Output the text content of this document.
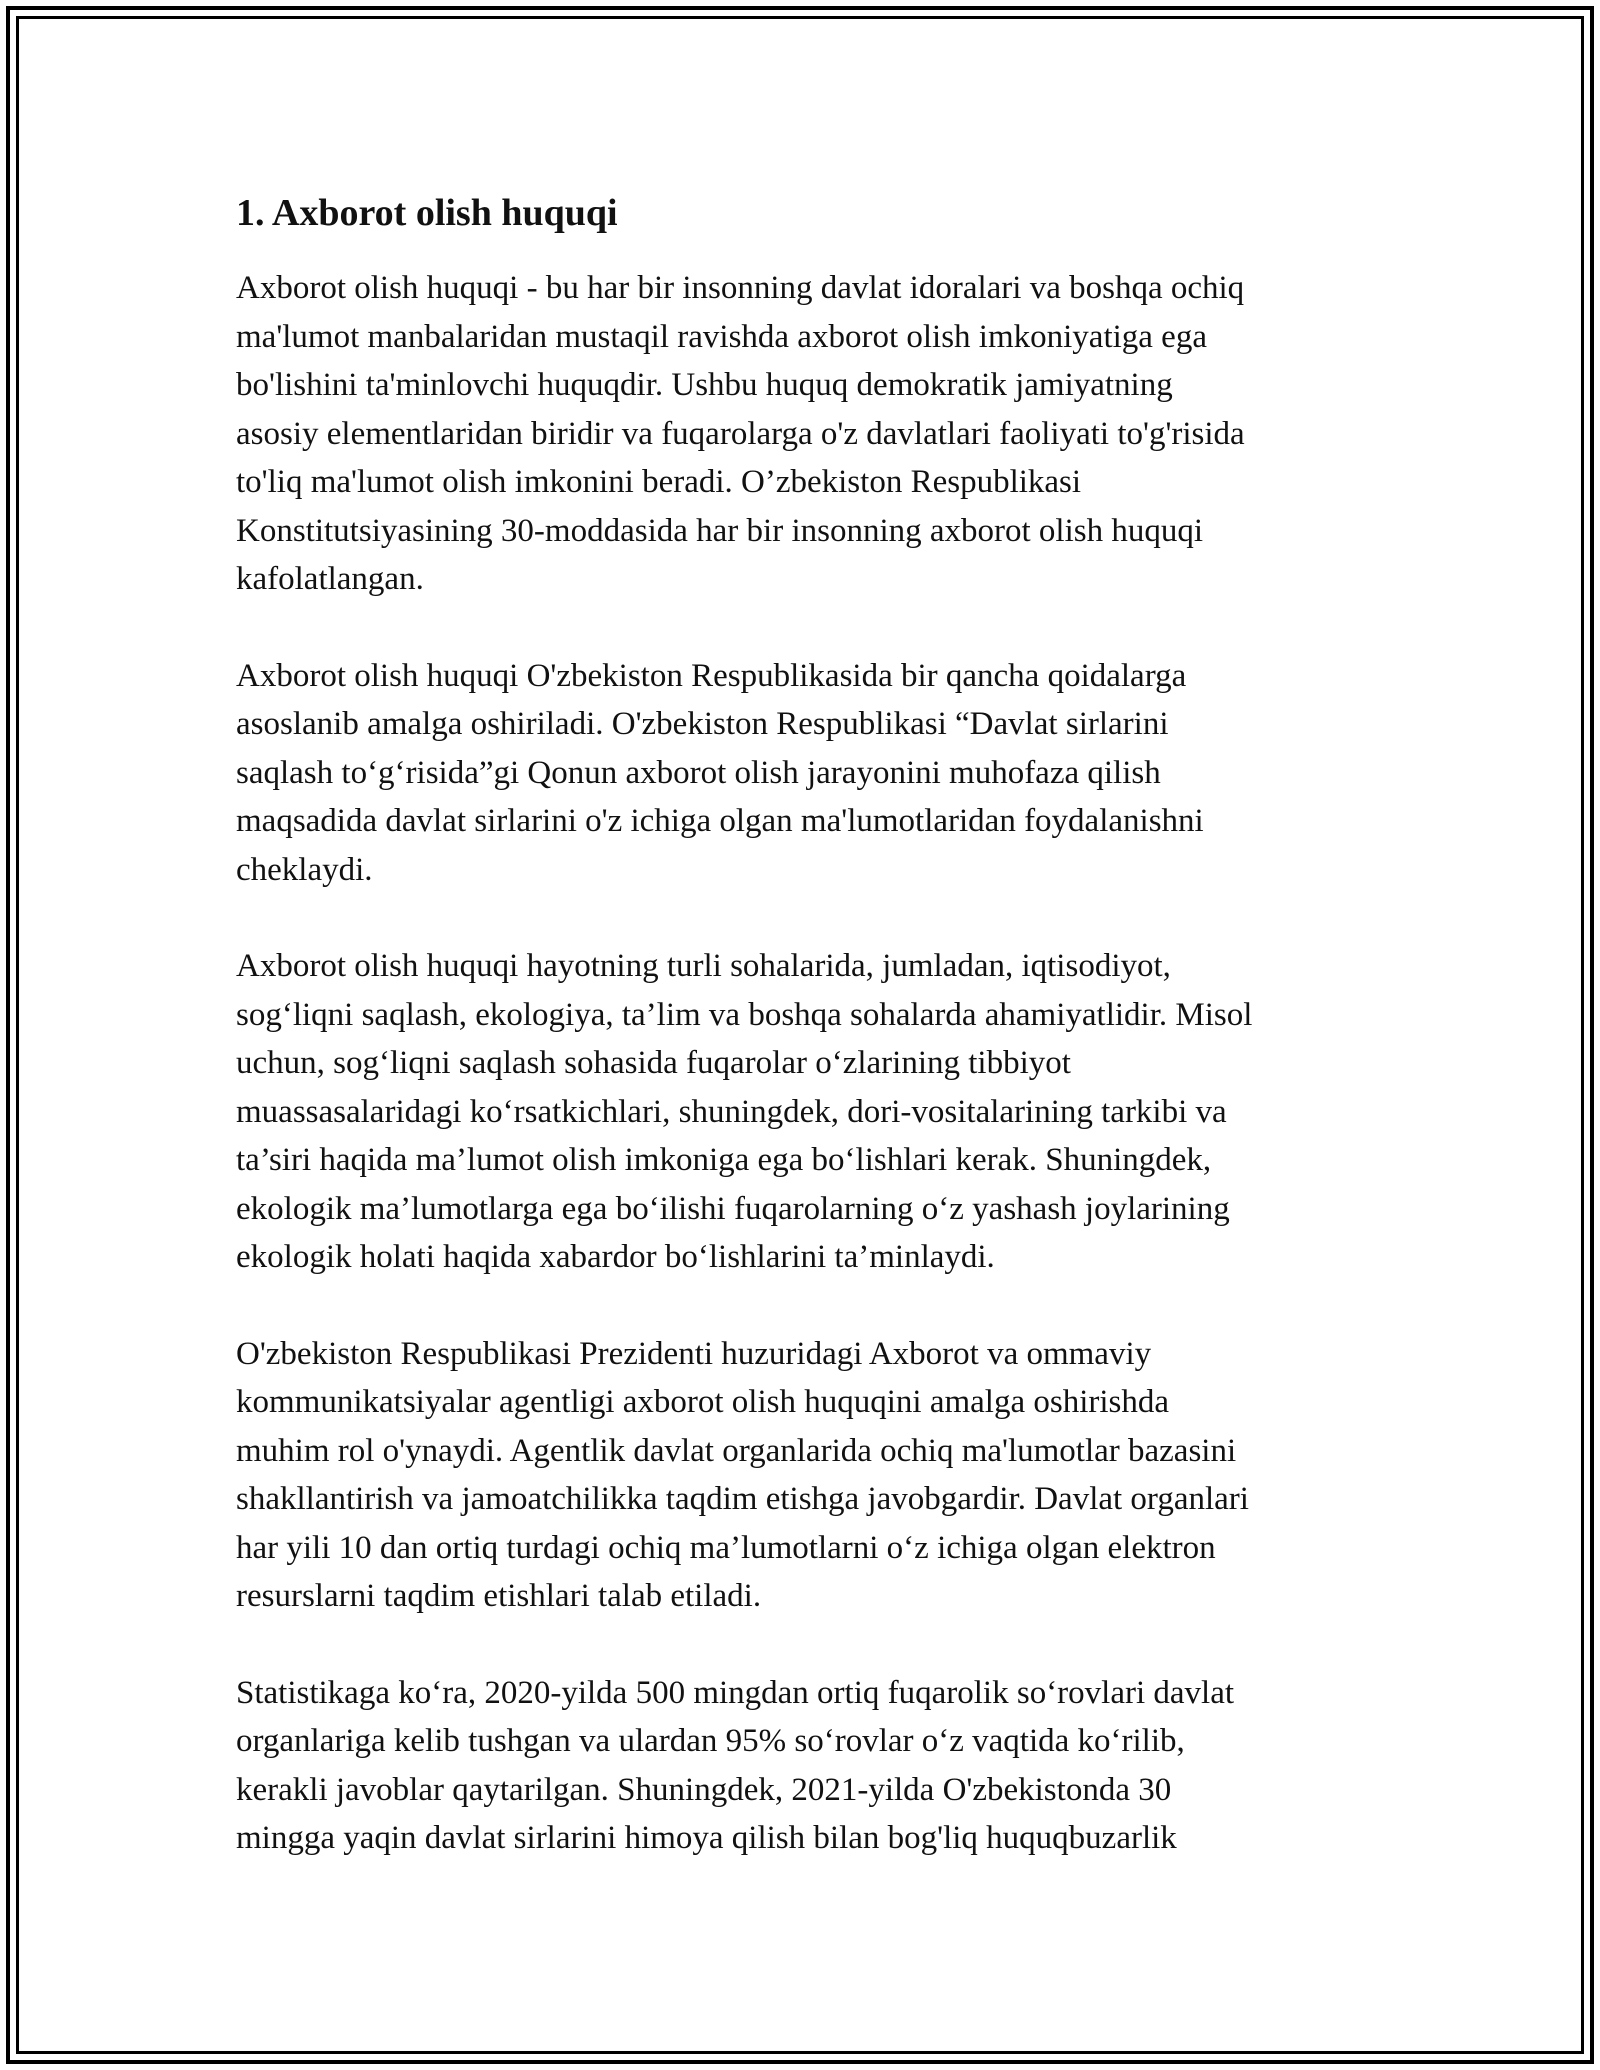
1. Axborot olish huquqi

Axborot olish huquqi - bu har bir insonning davlat idoralari va boshqa ochiq
ma'lumot manbalaridan mustaqil ravishda axborot olish imkoniyatiga ega
bo'lishini ta'minlovchi huquqdir. Ushbu huquq demokratik jamiyatning
asosiy elementlaridan biridir va fuqarolarga o'z davlatlari faoliyati to'g'risida
to'liq ma'lumot olish imkonini beradi. O’zbekiston Respublikasi
Konstitutsiyasining 30-moddasida har bir insonning axborot olish huquqi
kafolatlangan.

Axborot olish huquqi O'zbekiston Respublikasida bir qancha qoidalarga
asoslanib amalga oshiriladi. O'zbekiston Respublikasi “Davlat sirlarini
saqlash to‘g‘risida”gi Qonun axborot olish jarayonini muhofaza qilish
maqsadida davlat sirlarini o'z ichiga olgan ma'lumotlaridan foydalanishni
cheklaydi.

Axborot olish huquqi hayotning turli sohalarida, jumladan, iqtisodiyot,
sog‘liqni saqlash, ekologiya, ta’lim va boshqa sohalarda ahamiyatlidir. Misol
uchun, sog‘liqni saqlash sohasida fuqarolar o‘zlarining tibbiyot
muassasalaridagi ko‘rsatkichlari, shuningdek, dori-vositalarining tarkibi va
ta’siri haqida ma’lumot olish imkoniga ega bo‘lishlari kerak. Shuningdek,
ekologik ma’lumotlarga ega bo‘ilishi fuqarolarning o‘z yashash joylarining
ekologik holati haqida xabardor bo‘lishlarini ta’minlaydi.

O'zbekiston Respublikasi Prezidenti huzuridagi Axborot va ommaviy
kommunikatsiyalar agentligi axborot olish huquqini amalga oshirishda
muhim rol o'ynaydi. Agentlik davlat organlarida ochiq ma'lumotlar bazasini
shakllantirish va jamoatchilikka taqdim etishga javobgardir. Davlat organlari
har yili 10 dan ortiq turdagi ochiq ma’lumotlarni o‘z ichiga olgan elektron
resurslarni taqdim etishlari talab etiladi.

Statistikaga ko‘ra, 2020-yilda 500 mingdan ortiq fuqarolik so‘rovlari davlat
organlariga kelib tushgan va ulardan 95% so‘rovlar o‘z vaqtida ko‘rilib,
kerakli javoblar qaytarilgan. Shuningdek, 2021-yilda O'zbekistonda 30
mingga yaqin davlat sirlarini himoya qilish bilan bog'liq huquqbuzarlik
